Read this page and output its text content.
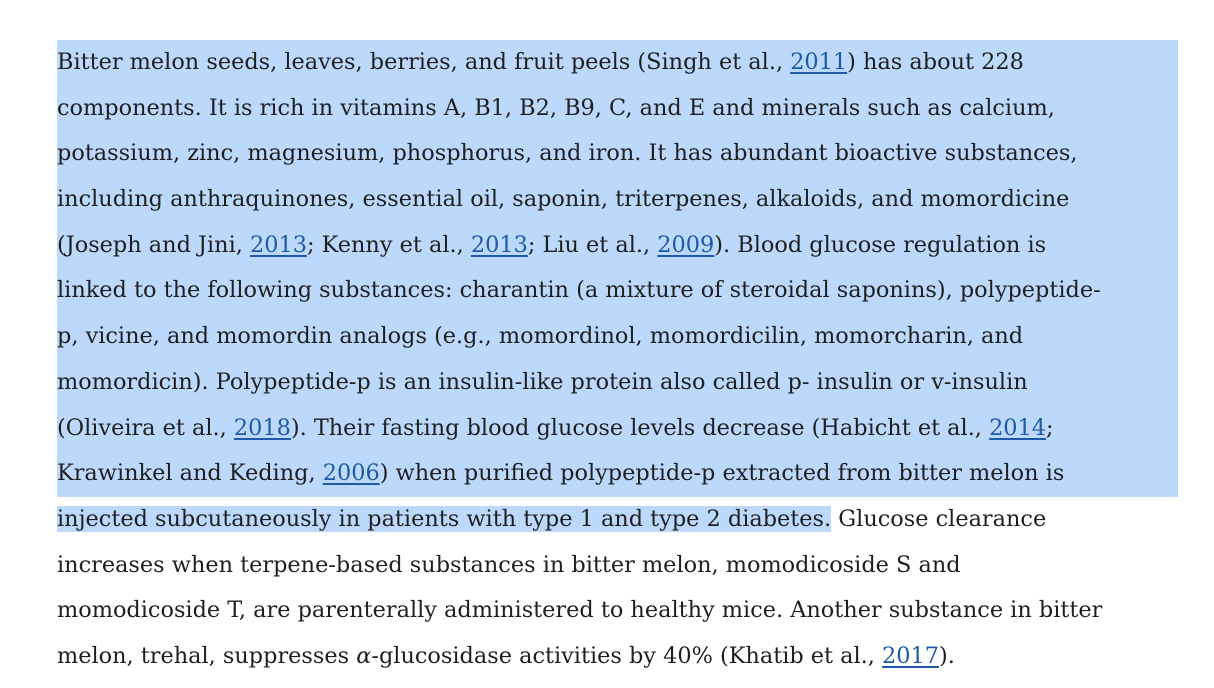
Bitter melon seeds, leaves, berries, and fruit peels (Singh et al., 2011) has about 228
components. It is rich in vitamins A, B1, B2, B9, C, and E and minerals such as calcium,
potassium, zinc, magnesium, phosphorus, and iron. It has abundant bioactive substances,
including anthraquinones, essential oil, saponin, triterpenes, alkaloids, and momordicine
(Joseph and Jini, 2013; Kenny et al., 2013; Liu et al., 2009). Blood glucose regulation is
linked to the following substances: charantin (a mixture of steroidal saponins), polypeptide-
p, vicine, and momordin analogs (e.g., momordinol, momordicilin, momorcharin, and
momordicin). Polypeptide-p is an insulin-like protein also called p- insulin or v-insulin
(Oliveira et al., 2018). Their fasting blood glucose levels decrease (Habicht et al., 2014;
Krawinkel and Keding, 2006) when purified polypeptide-p extracted from bitter melon is
injected subcutaneously in patients with type 1 and type 2 diabetes. Glucose clearance
increases when terpene-based substances in bitter melon, momodicoside S and
momodicoside T, are parenterally administered to healthy mice. Another substance in bitter
melon, trehal, suppresses α-glucosidase activities by 40% (Khatib et al., 2017).
